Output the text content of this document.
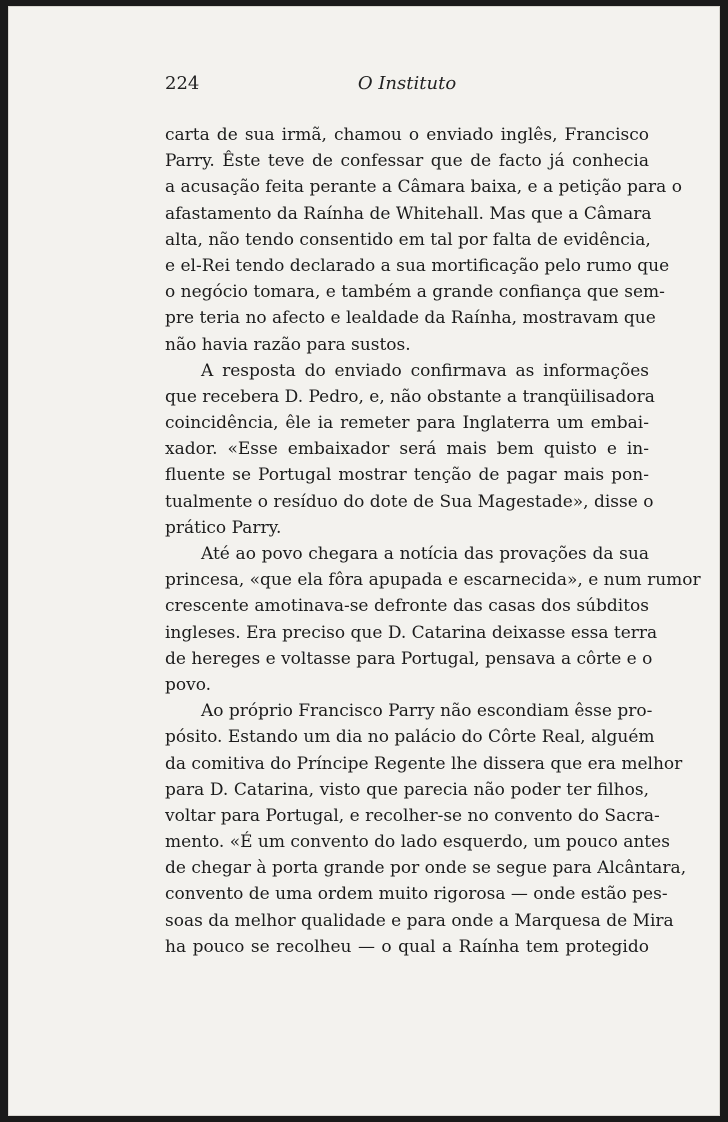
224	O Instituto

carta de sua irmã, chamou o enviado inglês, Francisco
Parry. Êste teve de confessar que de facto já conhecia
a acusação feita perante a Câmara baixa, e a petição para o
afastamento da Raínha de Whitehall. Mas que a Câmara
alta, não tendo consentido em tal por falta de evidência,
e el-Rei tendo declarado a sua mortificação pelo rumo que
o negócio tomara, e também a grande confiança que sem-
pre teria no afecto e lealdade da Raínha, mostravam que
não havia razão para sustos.

A resposta do enviado confirmava as informações
que recebera D. Pedro, e, não obstante a tranqüilisadora
coincidência, êle ia remeter para Inglaterra um embai-
xador. «Esse embaixador será mais bem quisto e in-
fluente se Portugal mostrar tenção de pagar mais pon-
tualmente o resíduo do dote de Sua Magestade», disse o
prático Parry.

Até ao povo chegara a notícia das provações da sua
princesa, «que ela fôra apupada e escarnecida», e num rumor
crescente amotinava-se defronte das casas dos súbditos
ingleses. Era preciso que D. Catarina deixasse essa terra
de hereges e voltasse para Portugal, pensava a côrte e o
povo.

Ao próprio Francisco Parry não escondiam êsse pro-
pósito. Estando um dia no palácio do Côrte Real, alguém
da comitiva do Príncipe Regente lhe dissera que era melhor
para D. Catarina, visto que parecia não poder ter filhos,
voltar para Portugal, e recolher-se no convento do Sacra-
mento. «É um convento do lado esquerdo, um pouco antes
de chegar à porta grande por onde se segue para Alcântara,
convento de uma ordem muito rigorosa — onde estão pes-
soas da melhor qualidade e para onde a Marquesa de Mira
ha pouco se recolheu — o qual a Raínha tem protegido
